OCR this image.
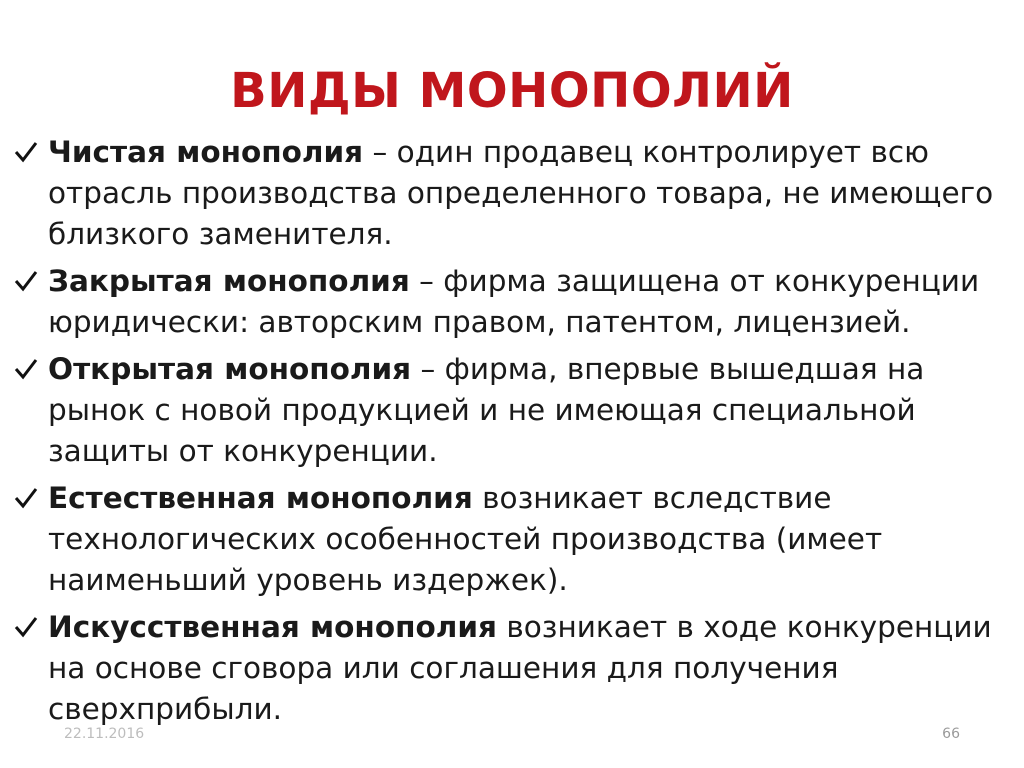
ВИДЫ МОНОПОЛИЙ
Чистая монополия – один продавец контролирует всю отрасль производства определенного товара, не имеющего близкого заменителя.
Закрытая монополия – фирма защищена от конкуренции юридически: авторским правом, патентом, лицензией.
Открытая монополия – фирма, впервые вышедшая на рынок с новой продукцией и не имеющая специальной защиты от конкуренции.
Естественная монополия возникает вследствие технологических особенностей производства (имеет наименьший уровень издержек).
Искусственная монополия возникает в ходе конкуренции на основе сговора или соглашения для получения сверхприбыли.
22.11.2016	66
